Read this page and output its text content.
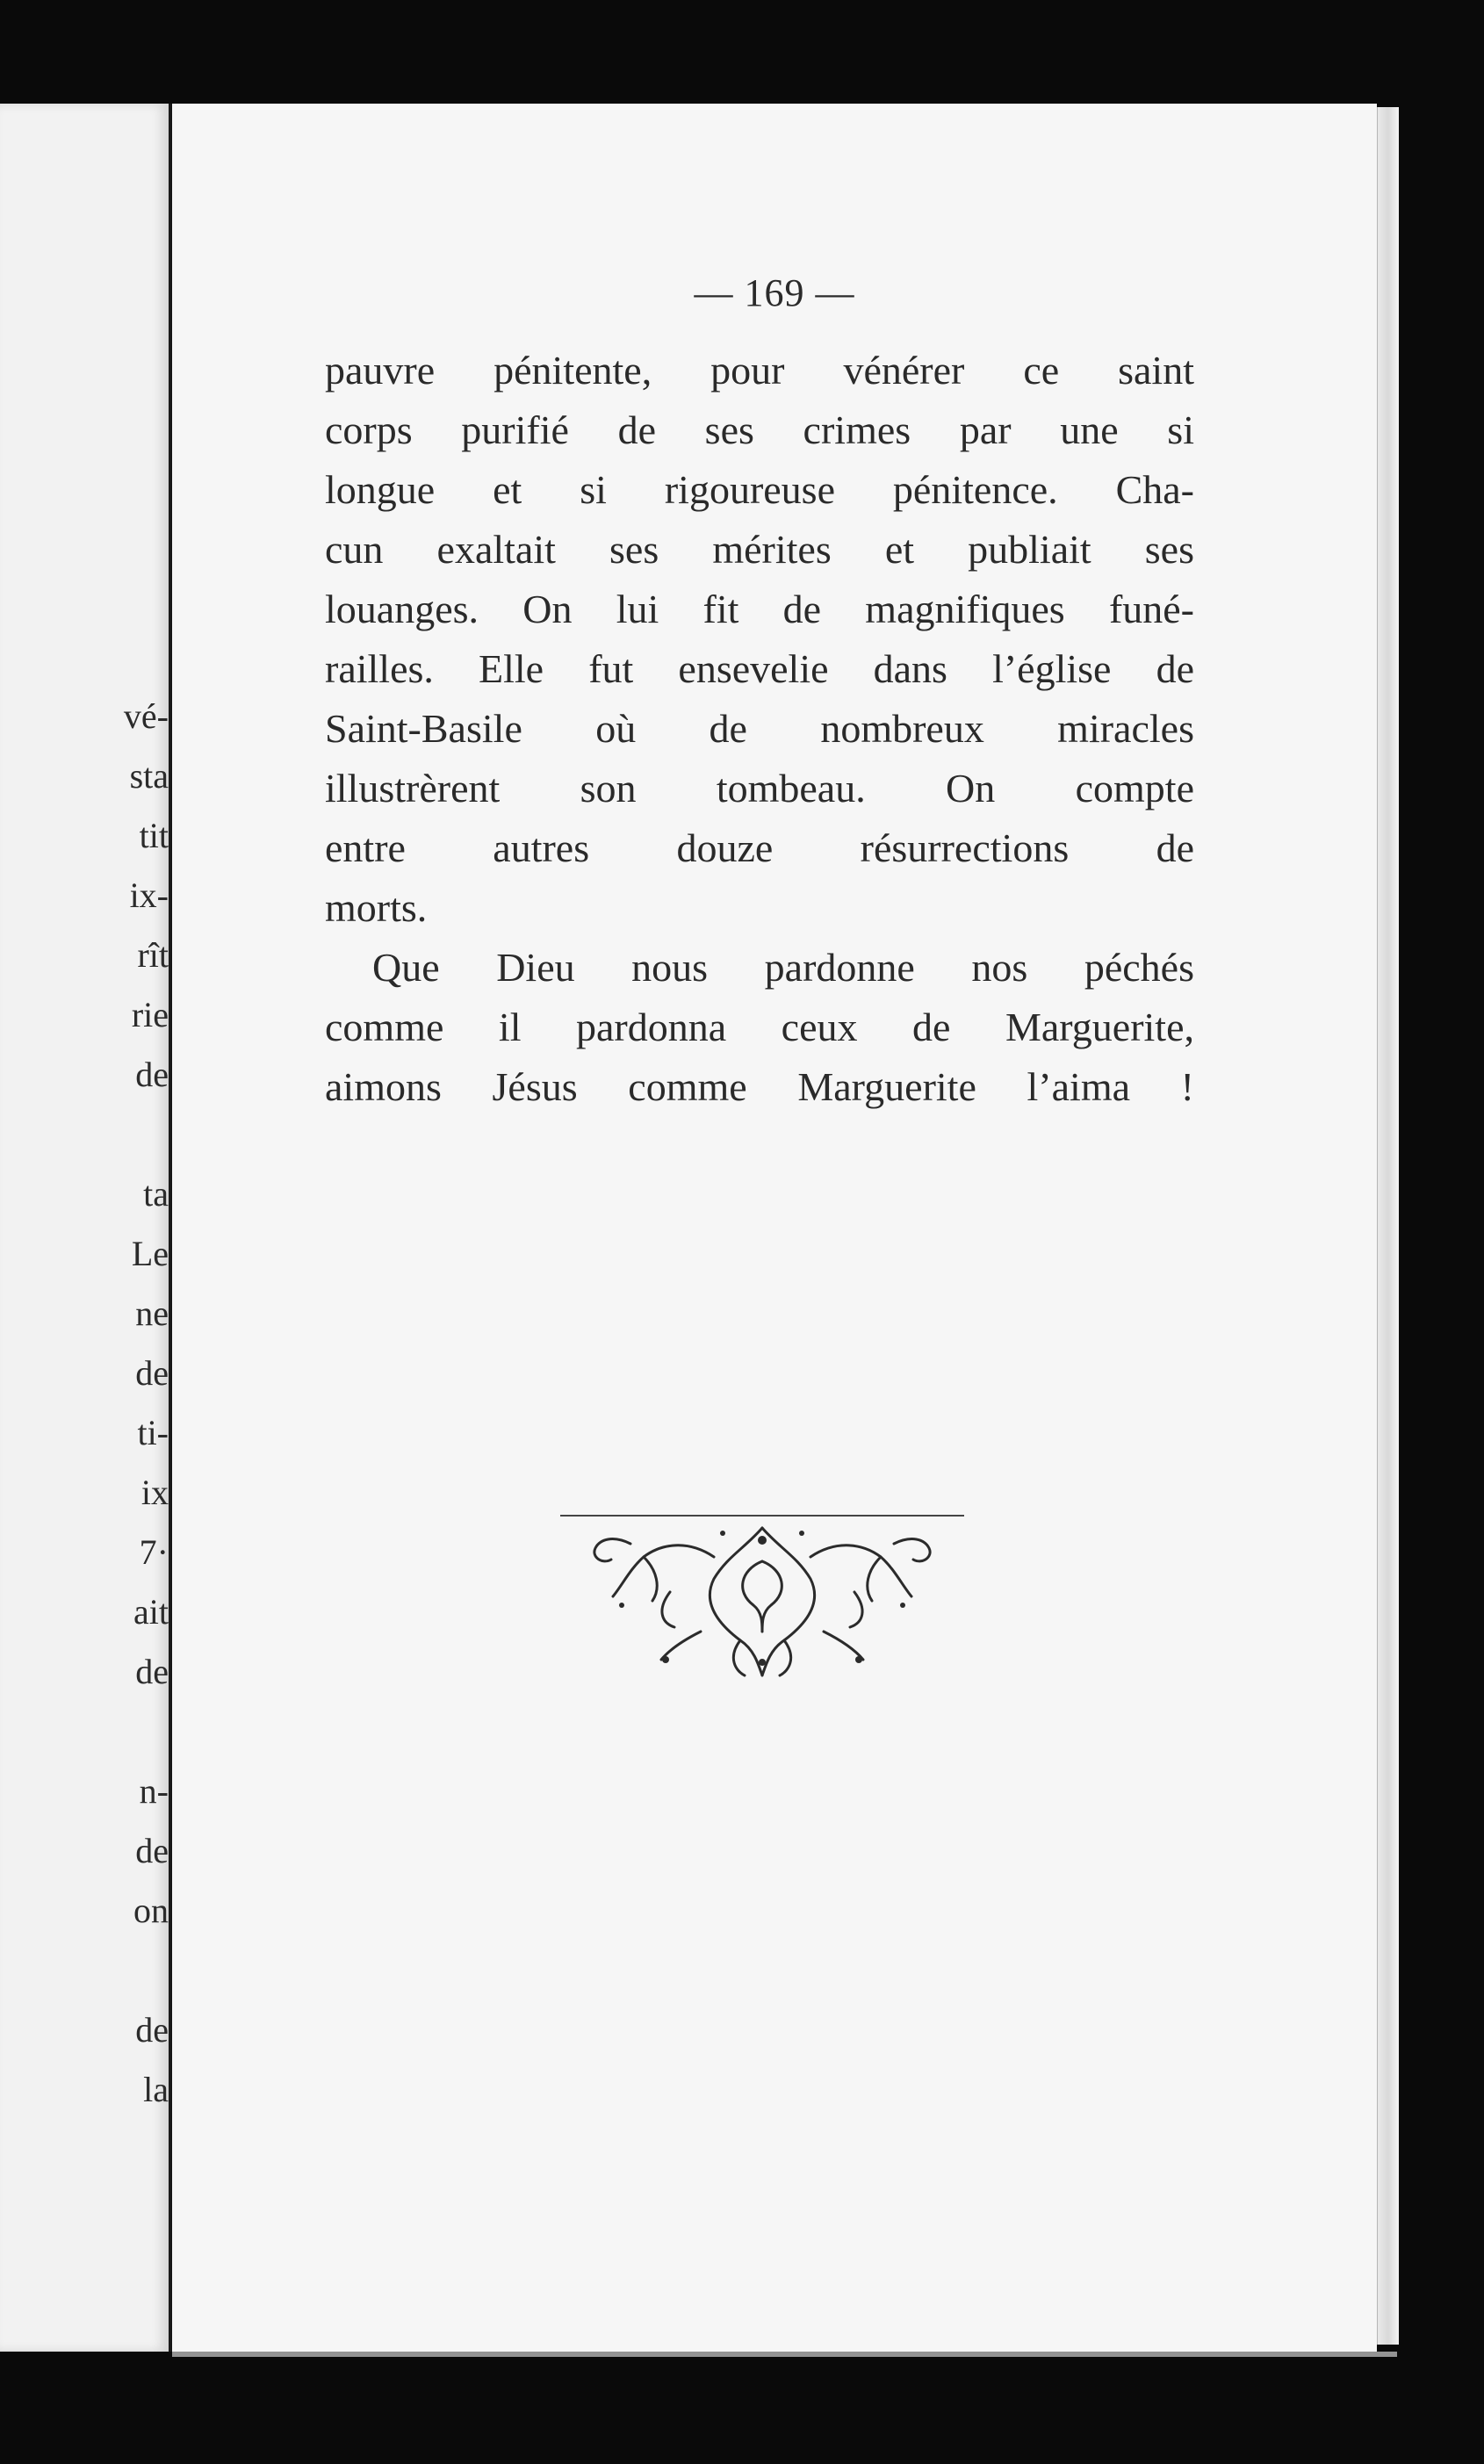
vé-
sta
tit
ix-
rît
rie
de
ta
Le
ne
de
ti-
ix
7·
ait
de
n-
de
on
de
la
— 169 —
pauvre pénitente, pour vénérer ce saint
corps purifié de ses crimes par une si
longue et si rigoureuse pénitence. Cha-
cun exaltait ses mérites et publiait ses
louanges. On lui fit de magnifiques funé-
railles. Elle fut ensevelie dans l’église de
Saint-Basile où de nombreux miracles
illustrèrent son tombeau. On compte
entre autres douze résurrections de
morts.
Que Dieu nous pardonne nos péchés
comme il pardonna ceux de Marguerite,
aimons Jésus comme Marguerite l’aima !
